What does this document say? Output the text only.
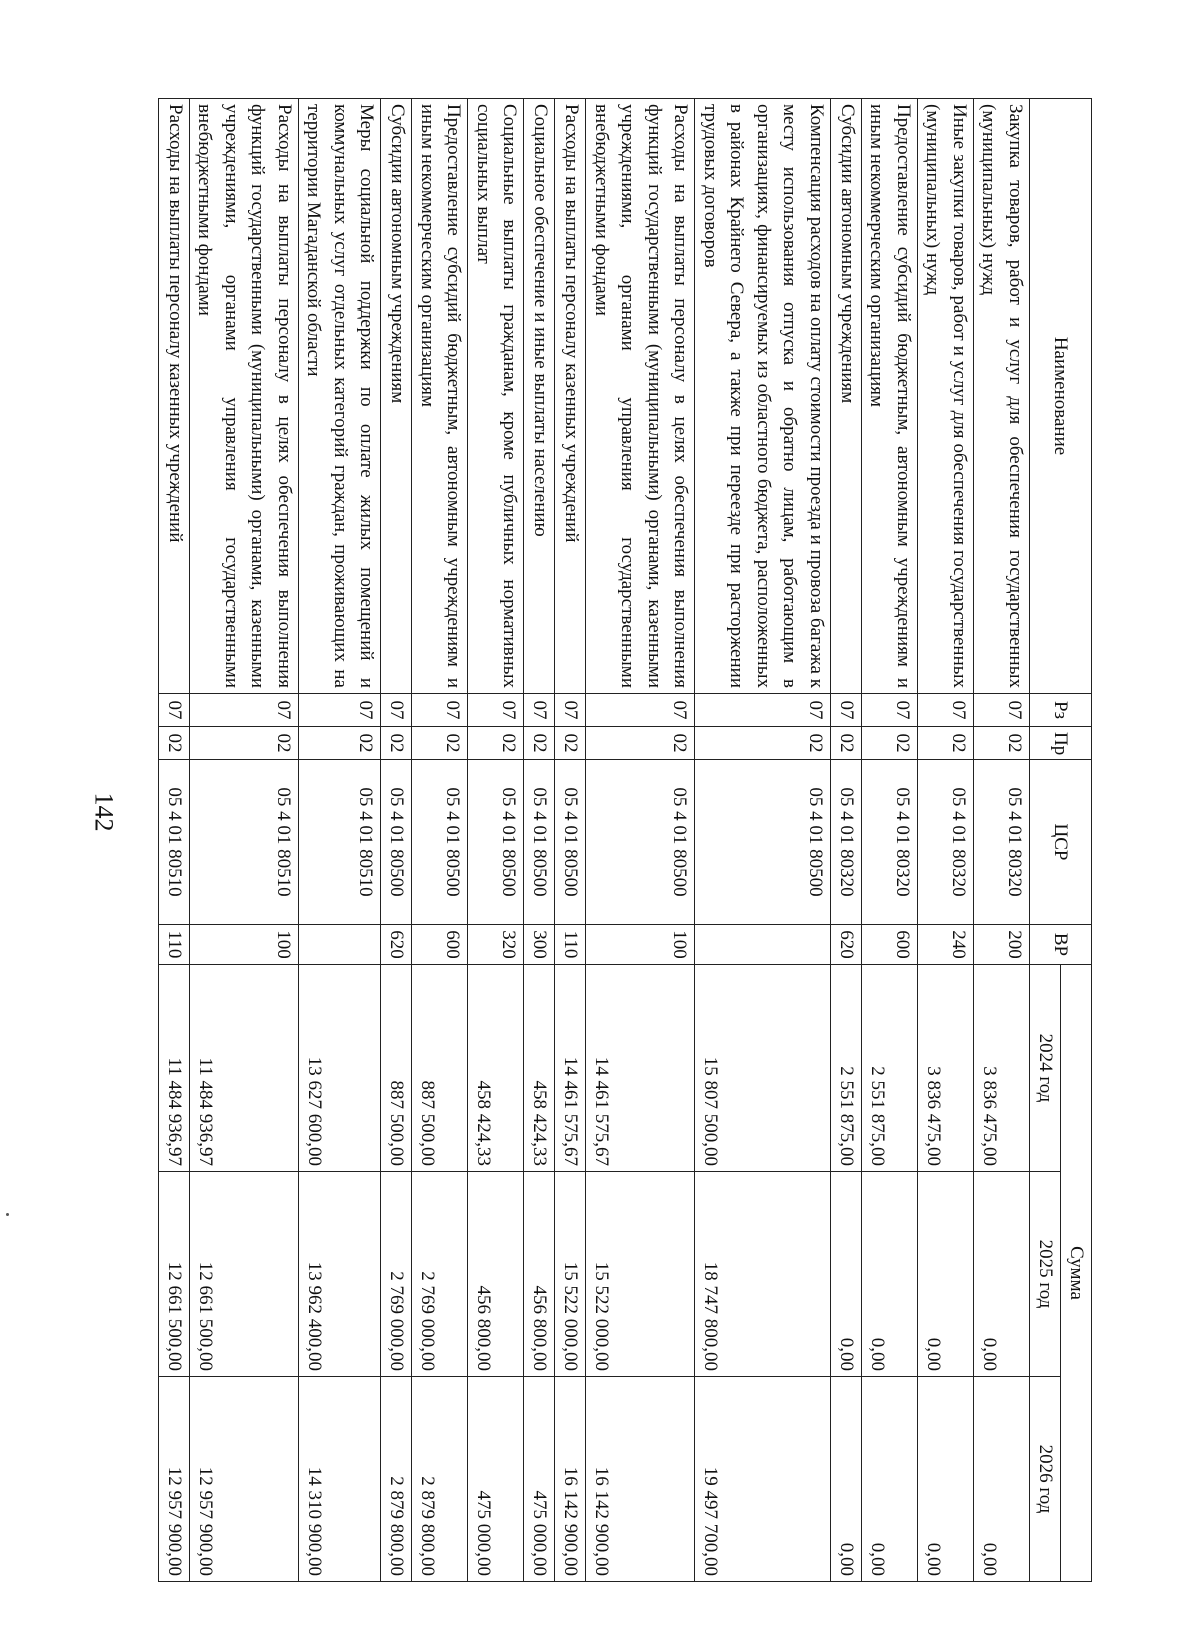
142
Наименование	Рз	Пр	ЦСР	ВР	Сумма		
					2024 год	2025 год	2026 год
Закупка товаров, работ и услуг для обеспечения государственных (муниципальных) нужд	07	02	05 4 01 80320	200	3 836 475,00	0,00	0,00
Иные закупки товаров, работ и услуг для обеспечения государственных (муниципальных) нужд	07	02	05 4 01 80320	240	3 836 475,00	0,00	0,00
Предоставление субсидий бюджетным, автономным учреждениям и иным некоммерческим организациям	07	02	05 4 01 80320	600	2 551 875,00	0,00	0,00
Субсидии автономным учреждениям	07	02	05 4 01 80320	620	2 551 875,00	0,00	0,00
Компенсация расходов на оплату стоимости проезда и провоза багажа к месту использования отпуска и обратно лицам, работающим в организациях, финансируемых из областного бюджета, расположенных в районах Крайнего Севера, а также при переезде при расторжении трудовых договоров	07	02	05 4 01 80500		15 807 500,00	18 747 800,00	19 497 700,00
Расходы на выплаты персоналу в целях обеспечения выполнения функций государственными (муниципальными) органами, казенными учреждениями, органами управления государственными внебюджетными фондами	07	02	05 4 01 80500	100	14 461 575,67	15 522 000,00	16 142 900,00
Расходы на выплаты персоналу казенных учреждений	07	02	05 4 01 80500	110	14 461 575,67	15 522 000,00	16 142 900,00
Социальное обеспечение и иные выплаты населению	07	02	05 4 01 80500	300	458 424,33	456 800,00	475 000,00
Социальные выплаты гражданам, кроме публичных нормативных социальных выплат	07	02	05 4 01 80500	320	458 424,33	456 800,00	475 000,00
Предоставление субсидий бюджетным, автономным учреждениям и иным некоммерческим организациям	07	02	05 4 01 80500	600	887 500,00	2 769 000,00	2 879 800,00
Субсидии автономным учреждениям	07	02	05 4 01 80500	620	887 500,00	2 769 000,00	2 879 800,00
Меры социальной поддержки по оплате жилых помещений и коммунальных услуг отдельных категорий граждан, проживающих на территории Магаданской области	07	02	05 4 01 80510		13 627 600,00	13 962 400,00	14 310 900,00
Расходы на выплаты персоналу в целях обеспечения выполнения функций государственными (муниципальными) органами, казенными учреждениями, органами управления государственными внебюджетными фондами	07	02	05 4 01 80510	100	11 484 936,97	12 661 500,00	12 957 900,00
Расходы на выплаты персоналу казенных учреждений	07	02	05 4 01 80510	110	11 484 936,97	12 661 500,00	12 957 900,00
